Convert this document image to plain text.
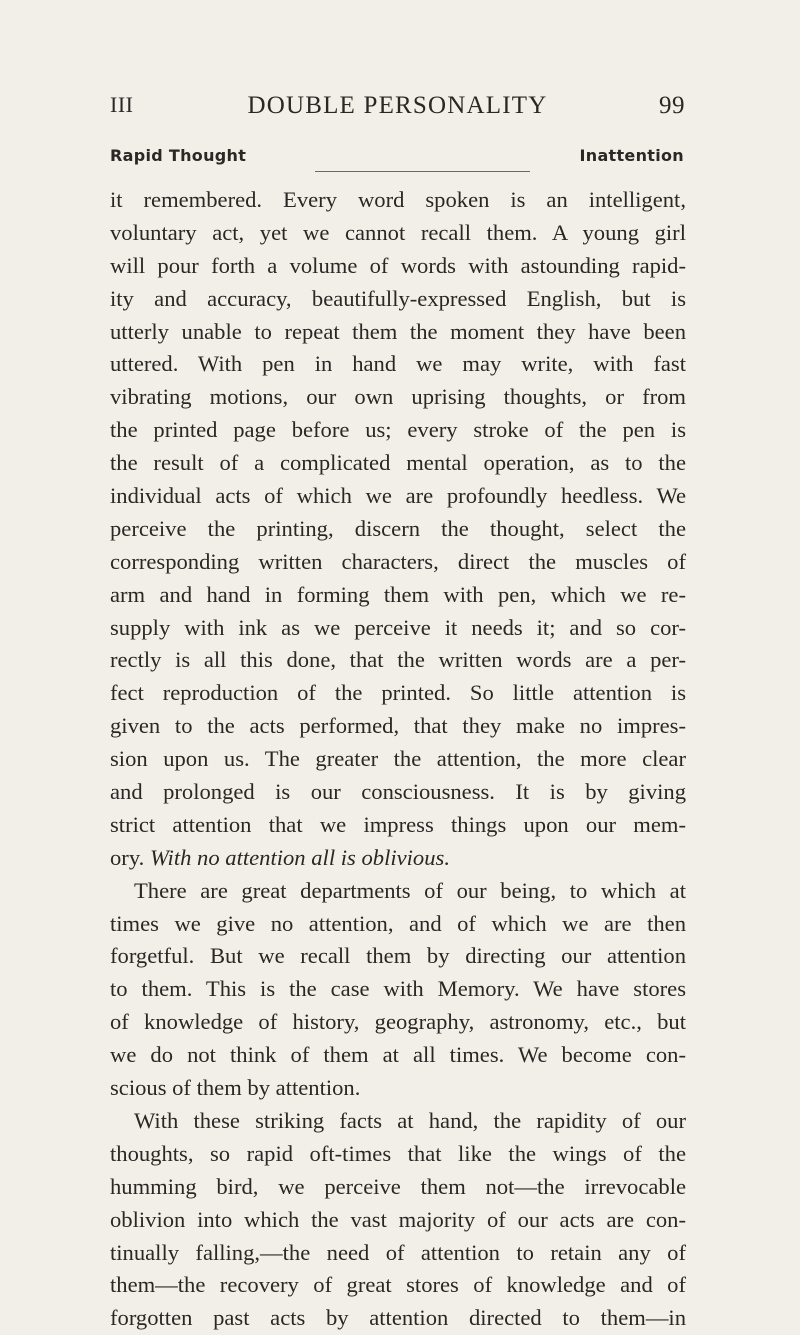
III	DOUBLE PERSONALITY	99
Rapid Thought	Inattention
it remembered. Every word spoken is an intelligent,
voluntary act, yet we cannot recall them. A young girl
will pour forth a volume of words with astounding rapid-
ity and accuracy, beautifully-expressed English, but is
utterly unable to repeat them the moment they have been
uttered. With pen in hand we may write, with fast
vibrating motions, our own uprising thoughts, or from
the printed page before us; every stroke of the pen is
the result of a complicated mental operation, as to the
individual acts of which we are profoundly heedless. We
perceive the printing, discern the thought, select the
corresponding written characters, direct the muscles of
arm and hand in forming them with pen, which we re-
supply with ink as we perceive it needs it; and so cor-
rectly is all this done, that the written words are a per-
fect reproduction of the printed. So little attention is
given to the acts performed, that they make no impres-
sion upon us. The greater the attention, the more clear
and prolonged is our consciousness. It is by giving
strict attention that we impress things upon our mem-
ory. With no attention all is oblivious.
There are great departments of our being, to which at
times we give no attention, and of which we are then
forgetful. But we recall them by directing our attention
to them. This is the case with Memory. We have stores
of knowledge of history, geography, astronomy, etc., but
we do not think of them at all times. We become con-
scious of them by attention.
With these striking facts at hand, the rapidity of our
thoughts, so rapid oft-times that like the wings of the
humming bird, we perceive them not—the irrevocable
oblivion into which the vast majority of our acts are con-
tinually falling,—the need of attention to retain any of
them—the recovery of great stores of knowledge and of
forgotten past acts by attention directed to them—in
